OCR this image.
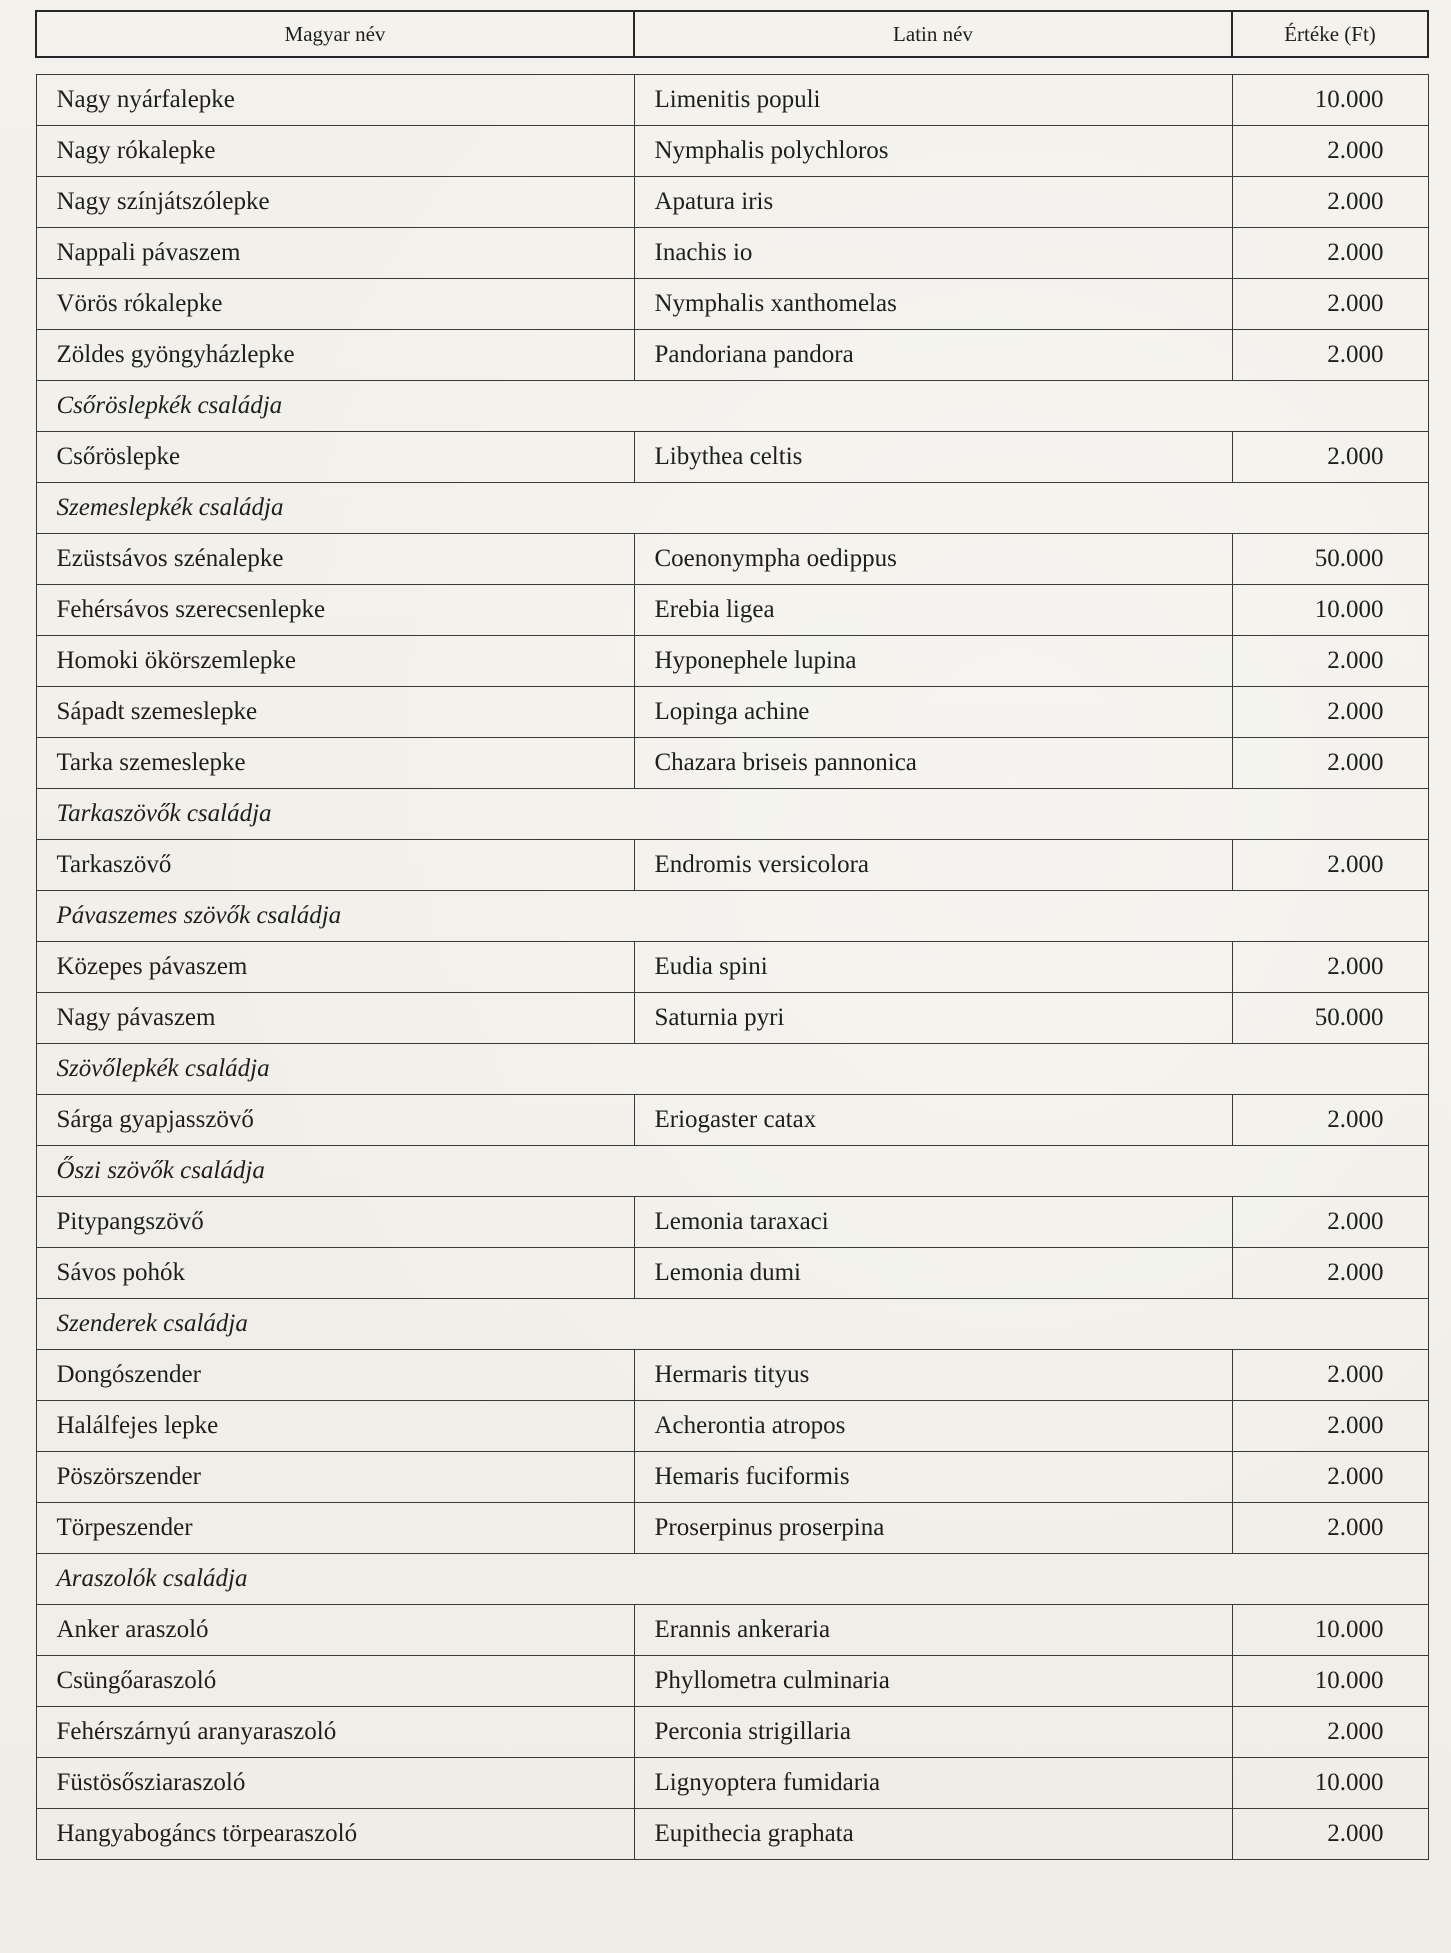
Magyar név	Latin név	Értéke (Ft)

Nagy nyárfalepke	Limenitis populi	10.000
Nagy rókalepke	Nymphalis polychloros	2.000
Nagy színjátszólepke	Apatura iris	2.000
Nappali pávaszem	Inachis io	2.000
Vörös rókalepke	Nymphalis xanthomelas	2.000
Zöldes gyöngyházlepke	Pandoriana pandora	2.000
Csőröslepkék családja		
Csőröslepke	Libythea celtis	2.000
Szemeslepkék családja		
Ezüstsávos szénalepke	Coenonympha oedippus	50.000
Fehérsávos szerecsenlepke	Erebia ligea	10.000
Homoki ökörszemlepke	Hyponephele lupina	2.000
Sápadt szemeslepke	Lopinga achine	2.000
Tarka szemeslepke	Chazara briseis pannonica	2.000
Tarkaszövők családja		
Tarkaszövő	Endromis versicolora	2.000
Pávaszemes szövők családja		
Közepes pávaszem	Eudia spini	2.000
Nagy pávaszem	Saturnia pyri	50.000
Szövőlepkék családja		
Sárga gyapjasszövő	Eriogaster catax	2.000
Őszi szövők családja		
Pitypangszövő	Lemonia taraxaci	2.000
Sávos pohók	Lemonia dumi	2.000
Szenderek családja		
Dongószender	Hermaris tityus	2.000
Halálfejes lepke	Acherontia atropos	2.000
Pöszörszender	Hemaris fuciformis	2.000
Törpeszender	Proserpinus proserpina	2.000
Araszolók családja		
Anker araszoló	Erannis ankeraria	10.000
Csüngőaraszoló	Phyllometra culminaria	10.000
Fehérszárnyú aranyaraszoló	Perconia strigillaria	2.000
Füstösősziaraszoló	Lignyoptera fumidaria	10.000
Hangyabogáncs törpearaszoló	Eupithecia graphata	2.000
